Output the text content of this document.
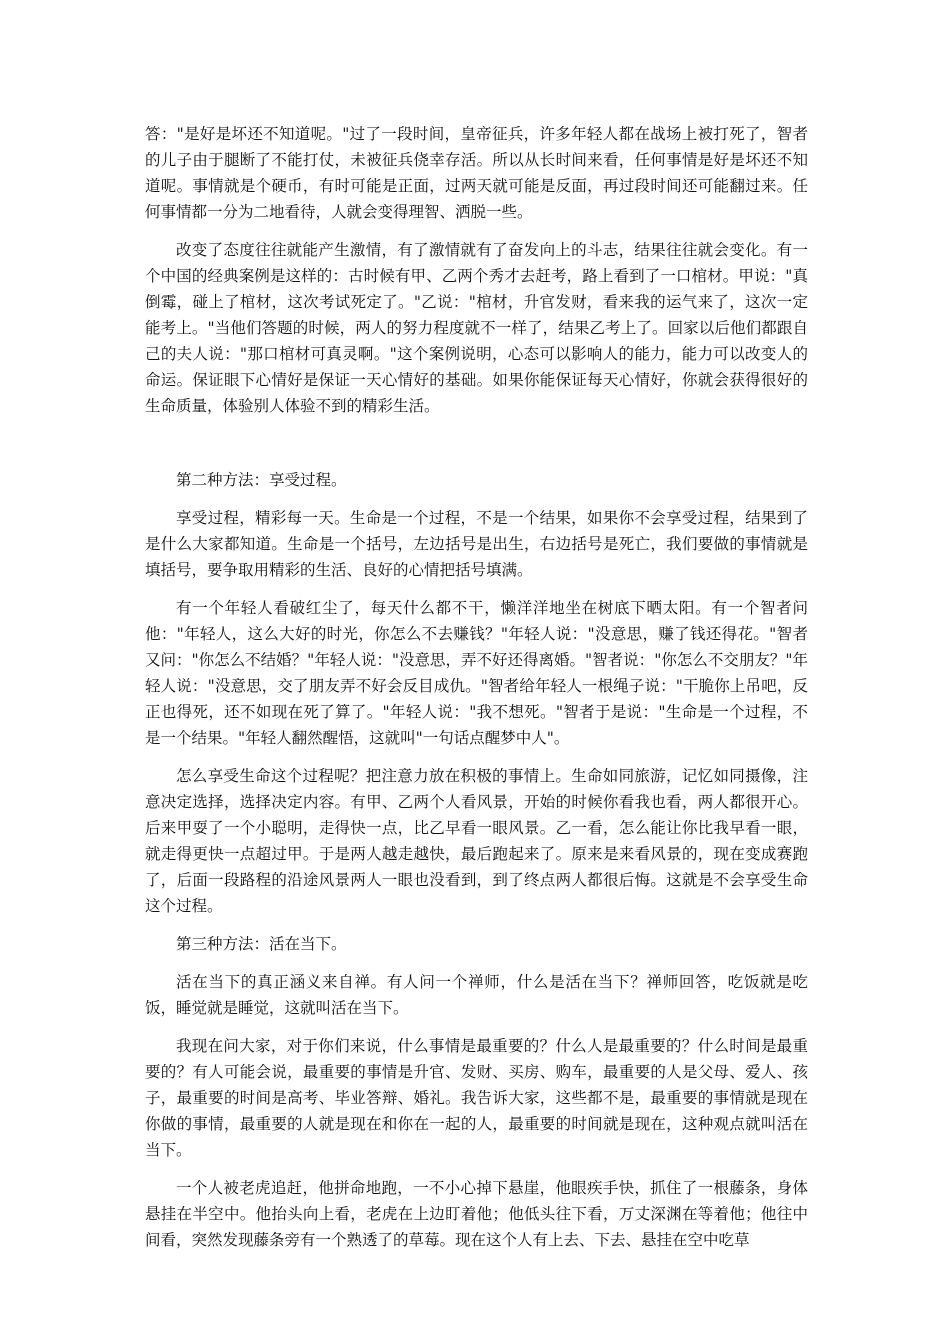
答："是好是坏还不知道呢。"过了一段时间，皇帝征兵，许多年轻人都在战场上被打死了，智者的儿子由于腿断了不能打仗，未被征兵侥幸存活。所以从长时间来看，任何事情是好是坏还不知道呢。事情就是个硬币，有时可能是正面，过两天就可能是反面，再过段时间还可能翻过来。任何事情都一分为二地看待，人就会变得理智、洒脱一些。

改变了态度往往就能产生激情，有了激情就有了奋发向上的斗志，结果往往就会变化。有一个中国的经典案例是这样的：古时候有甲、乙两个秀才去赶考，路上看到了一口棺材。甲说："真倒霉，碰上了棺材，这次考试死定了。"乙说："棺材，升官发财，看来我的运气来了，这次一定能考上。"当他们答题的时候，两人的努力程度就不一样了，结果乙考上了。回家以后他们都跟自己的夫人说："那口棺材可真灵啊。"这个案例说明，心态可以影响人的能力，能力可以改变人的命运。保证眼下心情好是保证一天心情好的基础。如果你能保证每天心情好，你就会获得很好的生命质量，体验别人体验不到的精彩生活。

第二种方法：享受过程。

享受过程，精彩每一天。生命是一个过程，不是一个结果，如果你不会享受过程，结果到了是什么大家都知道。生命是一个括号，左边括号是出生，右边括号是死亡，我们要做的事情就是填括号，要争取用精彩的生活、良好的心情把括号填满。

有一个年轻人看破红尘了，每天什么都不干，懒洋洋地坐在树底下晒太阳。有一个智者问他："年轻人，这么大好的时光，你怎么不去赚钱？"年轻人说："没意思，赚了钱还得花。"智者又问："你怎么不结婚？"年轻人说："没意思，弄不好还得离婚。"智者说："你怎么不交朋友？"年轻人说："没意思，交了朋友弄不好会反目成仇。"智者给年轻人一根绳子说："干脆你上吊吧，反正也得死，还不如现在死了算了。"年轻人说："我不想死。"智者于是说："生命是一个过程，不是一个结果。"年轻人翻然醒悟，这就叫"一句话点醒梦中人"。

怎么享受生命这个过程呢？把注意力放在积极的事情上。生命如同旅游，记忆如同摄像，注意决定选择，选择决定内容。有甲、乙两个人看风景，开始的时候你看我也看，两人都很开心。后来甲耍了一个小聪明，走得快一点，比乙早看一眼风景。乙一看，怎么能让你比我早看一眼，就走得更快一点超过甲。于是两人越走越快，最后跑起来了。原来是来看风景的，现在变成赛跑了，后面一段路程的沿途风景两人一眼也没看到，到了终点两人都很后悔。这就是不会享受生命这个过程。

第三种方法：活在当下。

活在当下的真正涵义来自禅。有人问一个禅师，什么是活在当下？禅师回答，吃饭就是吃饭，睡觉就是睡觉，这就叫活在当下。

我现在问大家，对于你们来说，什么事情是最重要的？什么人是最重要的？什么时间是最重要的？有人可能会说，最重要的事情是升官、发财、买房、购车，最重要的人是父母、爱人、孩子，最重要的时间是高考、毕业答辩、婚礼。我告诉大家，这些都不是，最重要的事情就是现在你做的事情，最重要的人就是现在和你在一起的人，最重要的时间就是现在，这种观点就叫活在当下。

一个人被老虎追赶，他拼命地跑，一不小心掉下悬崖，他眼疾手快，抓住了一根藤条，身体悬挂在半空中。他抬头向上看，老虎在上边盯着他；他低头往下看，万丈深渊在等着他；他往中间看，突然发现藤条旁有一个熟透了的草莓。现在这个人有上去、下去、悬挂在空中吃草
